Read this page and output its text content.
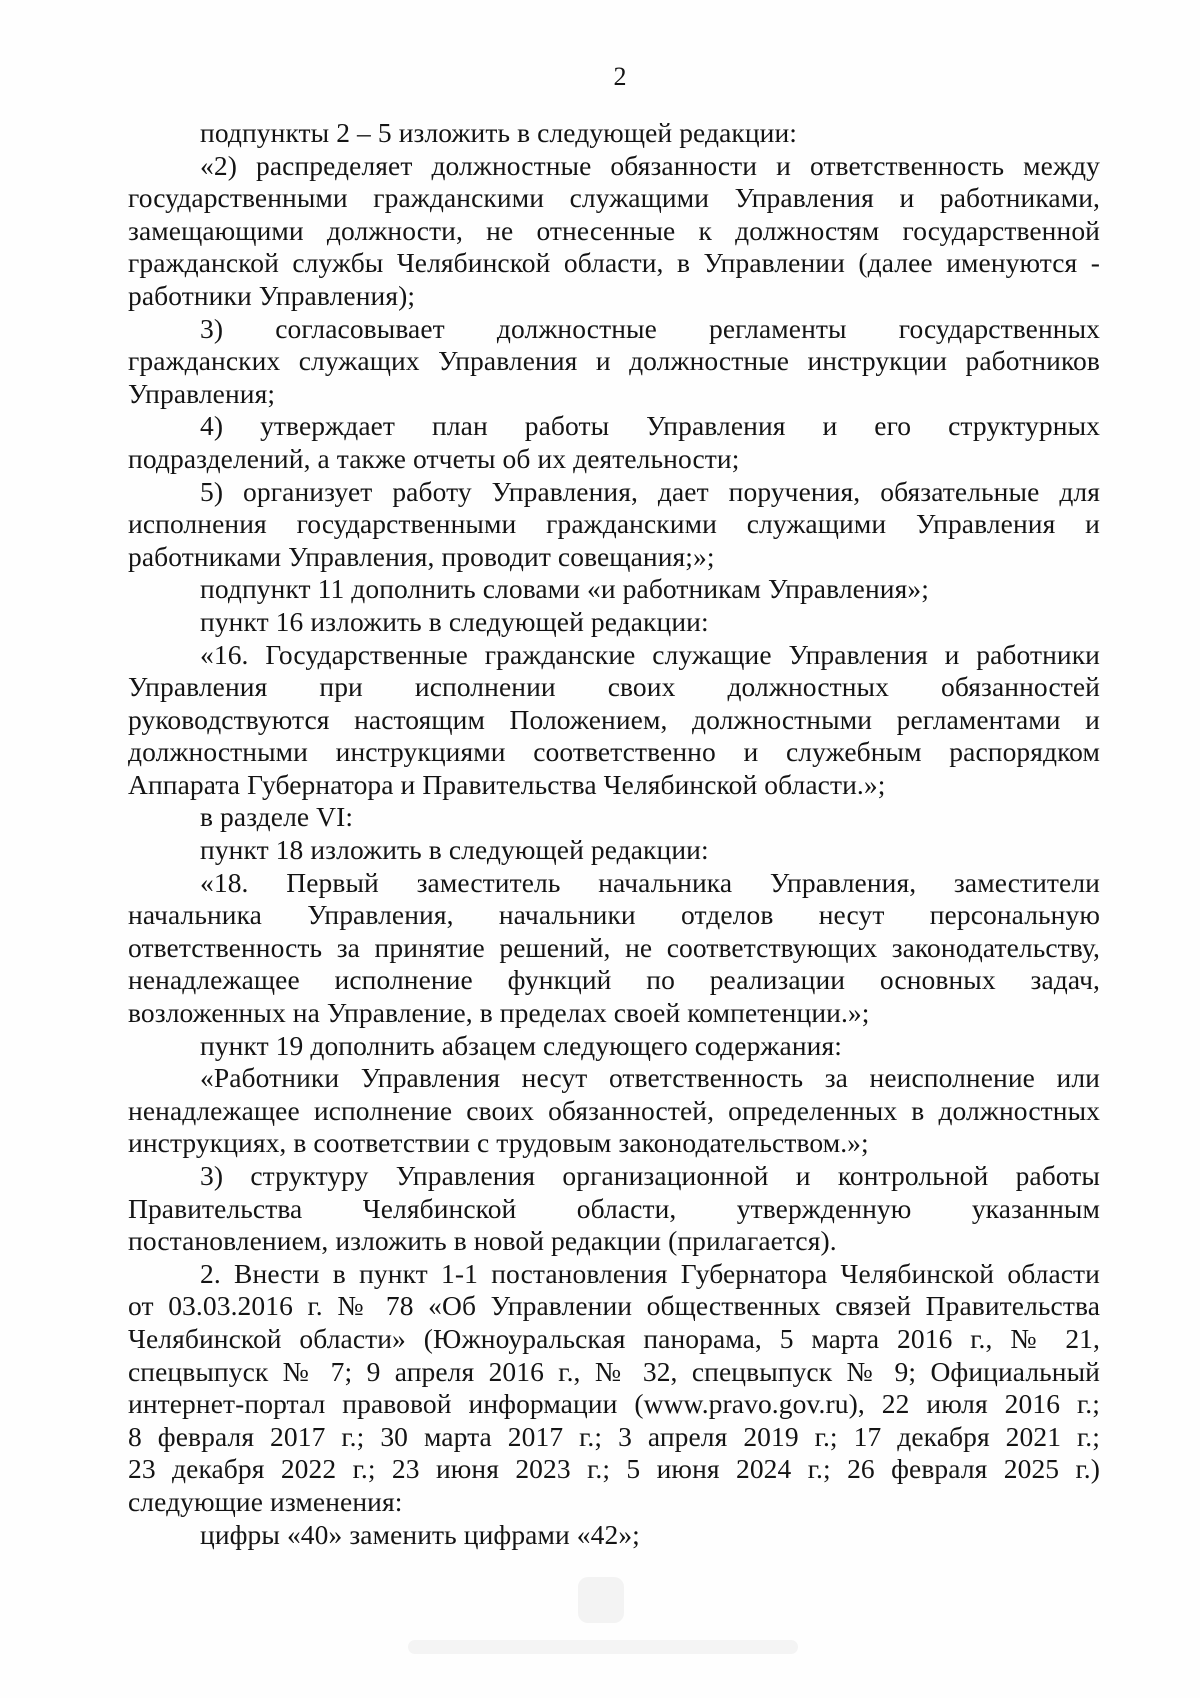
2
подпункты 2 – 5 изложить в следующей редакции:
«2) распределяет должностные обязанности и ответственность между
государственными гражданскими служащими Управления и работниками,
замещающими должности, не отнесенные к должностям государственной
гражданской службы Челябинской области, в Управлении (далее именуются -
работники Управления);
3) согласовывает должностные регламенты государственных
гражданских служащих Управления и должностные инструкции работников
Управления;
4) утверждает план работы Управления и его структурных
подразделений, а также отчеты об их деятельности;
5) организует работу Управления, дает поручения, обязательные для
исполнения государственными гражданскими служащими Управления и
работниками Управления, проводит совещания;»;
подпункт 11 дополнить словами «и работникам Управления»;
пункт 16 изложить в следующей редакции:
«16. Государственные гражданские служащие Управления и работники
Управления при исполнении своих должностных обязанностей
руководствуются настоящим Положением, должностными регламентами и
должностными инструкциями соответственно и служебным распорядком
Аппарата Губернатора и Правительства Челябинской области.»;
в разделе VI:
пункт 18 изложить в следующей редакции:
«18. Первый заместитель начальника Управления, заместители
начальника Управления, начальники отделов несут персональную
ответственность за принятие решений, не соответствующих законодательству,
ненадлежащее исполнение функций по реализации основных задач,
возложенных на Управление, в пределах своей компетенции.»;
пункт 19 дополнить абзацем следующего содержания:
«Работники Управления несут ответственность за неисполнение или
ненадлежащее исполнение своих обязанностей, определенных в должностных
инструкциях, в соответствии с трудовым законодательством.»;
3) структуру Управления организационной и контрольной работы
Правительства Челябинской области, утвержденную указанным
постановлением, изложить в новой редакции (прилагается).
2. Внести в пункт 1-1 постановления Губернатора Челябинской области
от 03.03.2016 г. № 78 «Об Управлении общественных связей Правительства
Челябинской области» (Южноуральская панорама, 5 марта 2016 г., № 21,
спецвыпуск № 7; 9 апреля 2016 г., № 32, спецвыпуск № 9; Официальный
интернет-портал правовой информации (www.pravo.gov.ru), 22 июля 2016 г.;
8 февраля 2017 г.; 30 марта 2017 г.; 3 апреля 2019 г.; 17 декабря 2021 г.;
23 декабря 2022 г.; 23 июня 2023 г.; 5 июня 2024 г.; 26 февраля 2025 г.)
следующие изменения:
цифры «40» заменить цифрами «42»;
